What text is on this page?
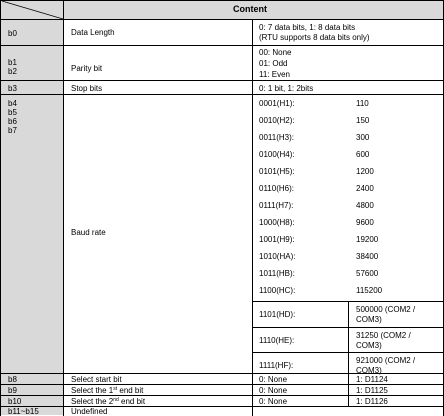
Content
b0	Data Length
0: 7 data bits, 1: 8 data bits
(RTU supports 8 data bits only)
b1
b2	Parity bit
00: None
01: Odd
11: Even
b3	Stop bits	0: 1 bit, 1: 2bits
b4
b5
b6
b7
Baud rate
0001(H1):	110
0010(H2):	150
0011(H3):	300
0100(H4):	600
0101(H5):	1200
0110(H6):	2400
0111(H7):	4800
1000(H8):	9600
1001(H9):	19200
1010(HA):	38400
1011(HB):	57600
1100(HC):	115200
1101(HD):
500000 (COM2 /
COM3)
1110(HE):
31250 (COM2 /
COM3)
1111(HF):
921000 (COM2 /
COM3)
b8	Select start bit	0: None	1: D1124
b9	Select the 1st end bit	0: None	1: D1125
b10	Select the 2nd end bit	0: None	1: D1126
b11~b15	Undefined
